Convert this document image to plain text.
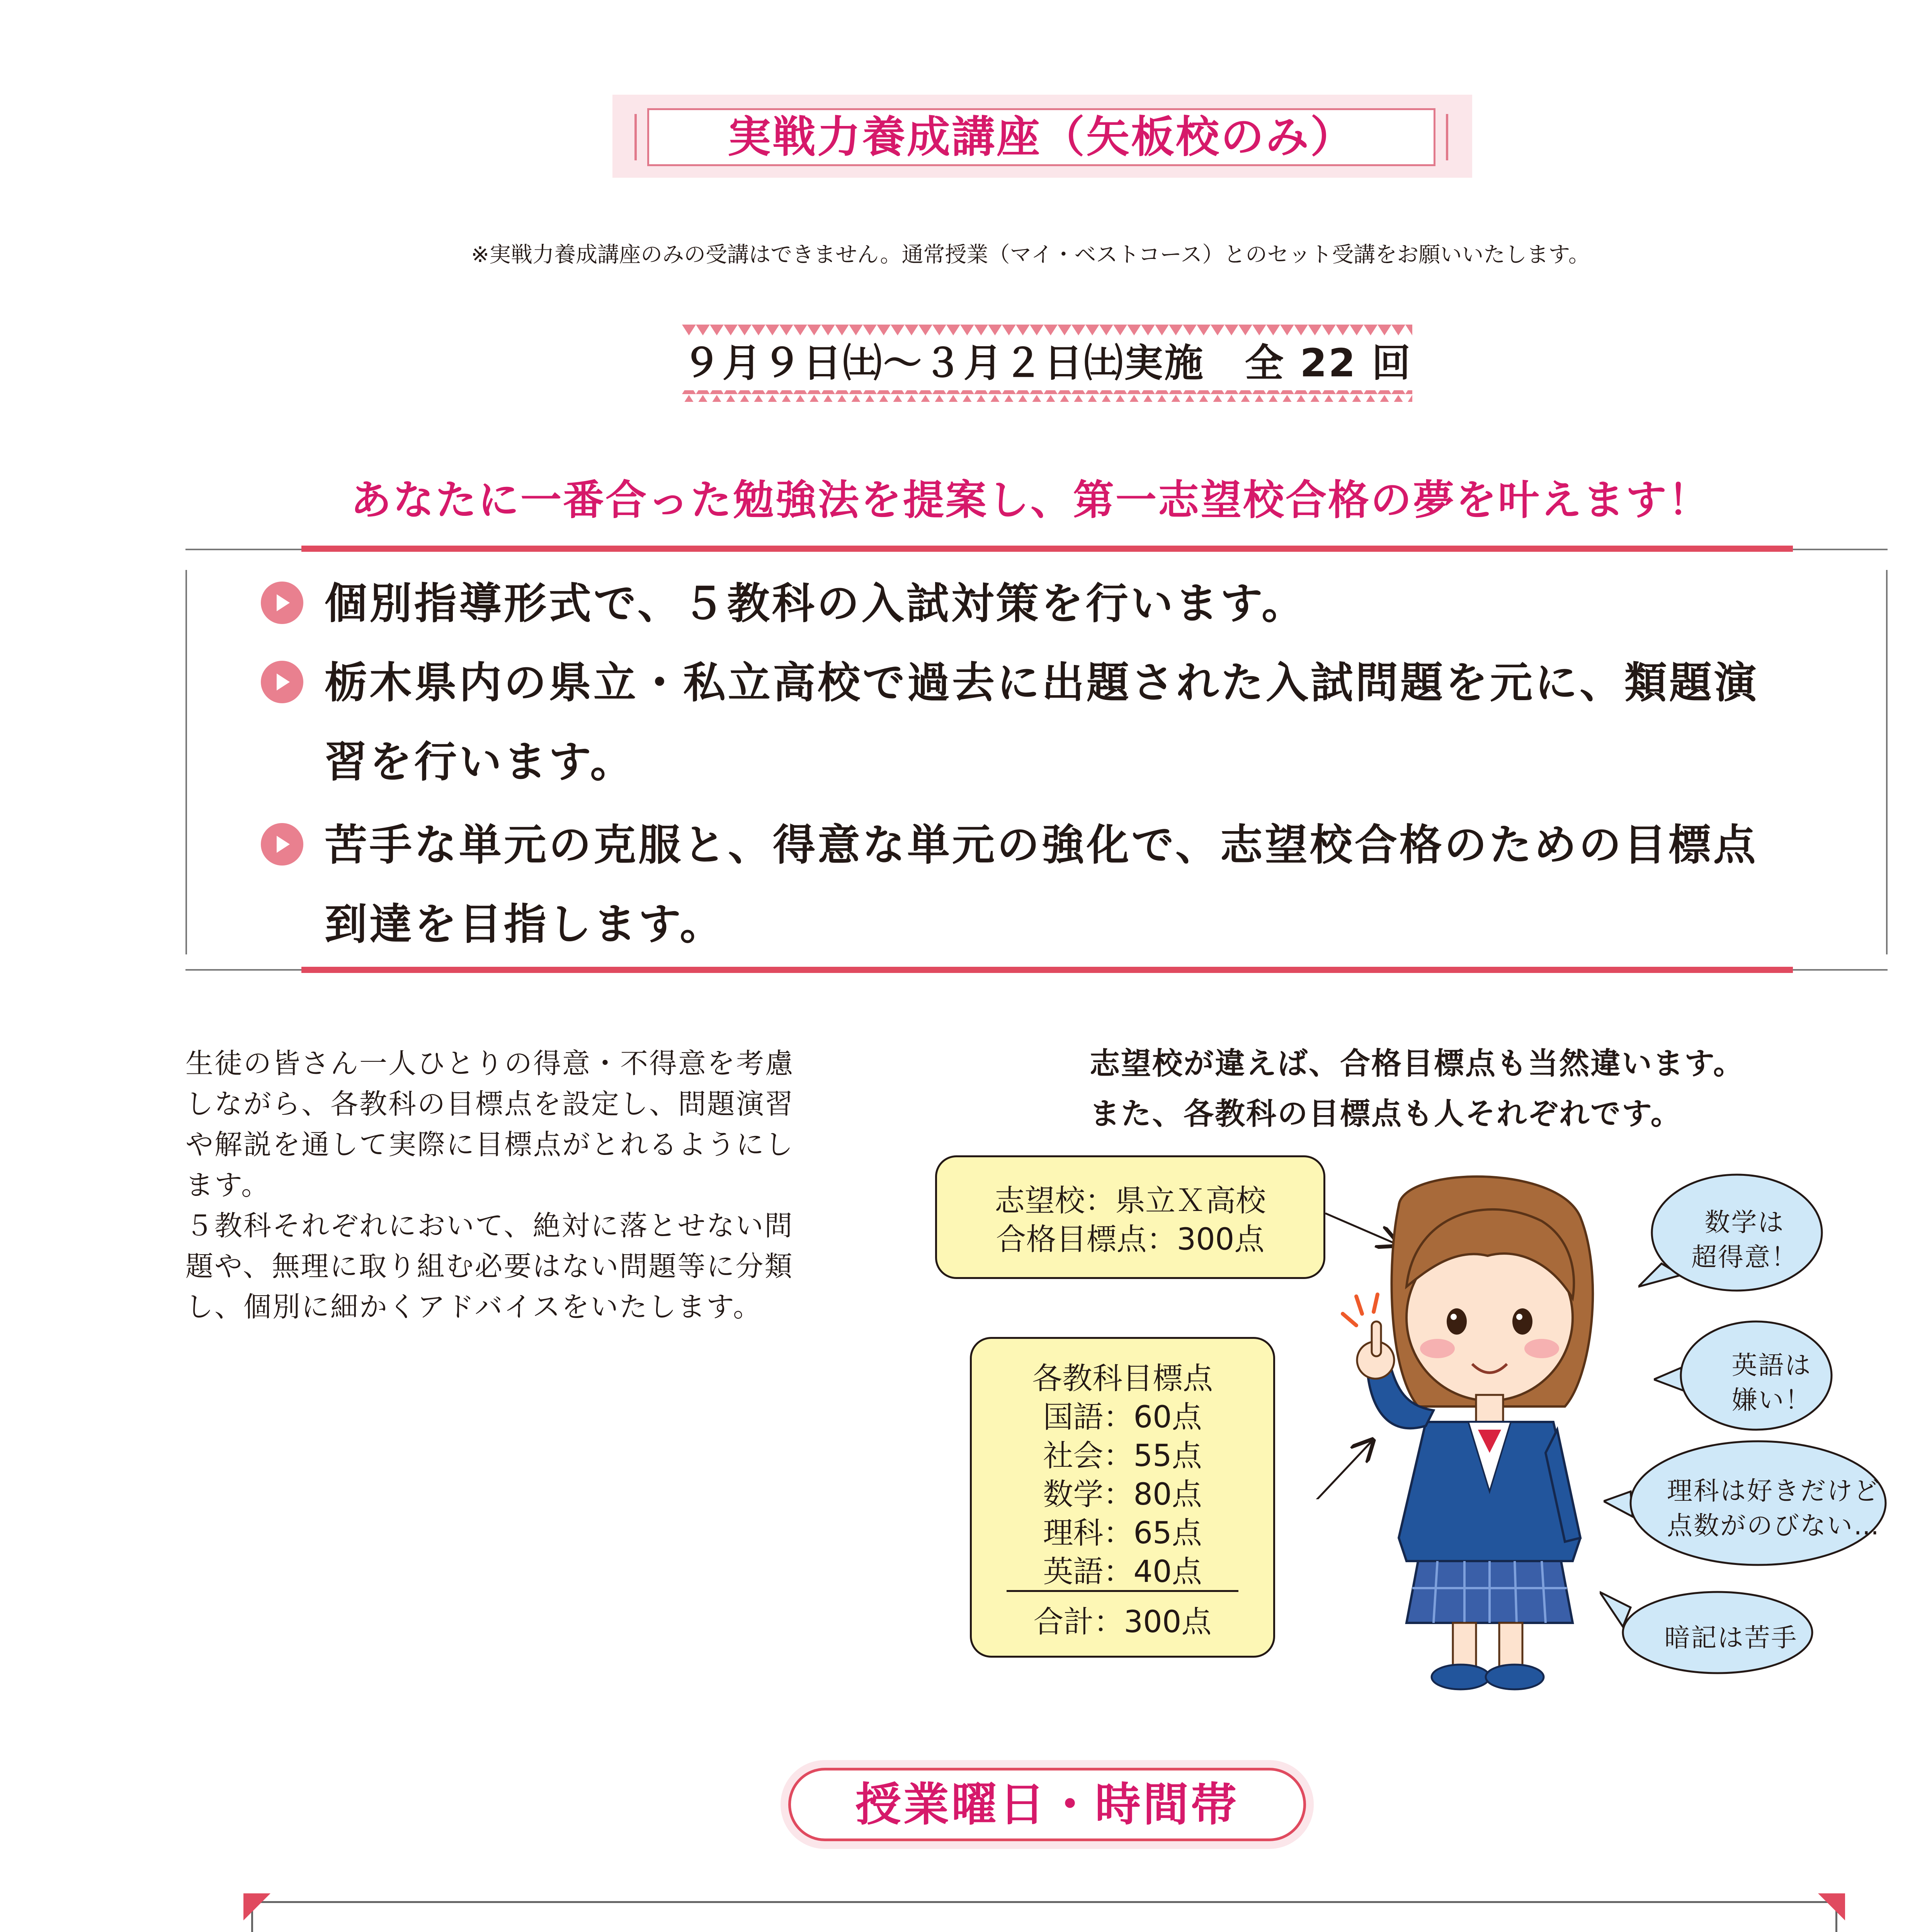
実戦力養成講座（矢板校のみ）
※実戦力養成講座のみの受講はできません。通常授業（マイ・ベストコース）とのセット受講をお願いいたします。
９月９日㈯～３月２日㈯実施　全 22 回
あなたに一番合った勉強法を提案し、第一志望校合格の夢を叶えます！
個別指導形式で、５教科の入試対策を行います。
栃木県内の県立・私立高校で過去に出題された入試問題を元に、類題演
習を行います。
苦手な単元の克服と、得意な単元の強化で、志望校合格のための目標点
到達を目指します。
生徒の皆さん一人ひとりの得意・不得意を考慮
しながら、各教科の目標点を設定し、問題演習
や解説を通して実際に目標点がとれるようにし
ます。
５教科それぞれにおいて、絶対に落とせない問
題や、無理に取り組む必要はない問題等に分類
し、個別に細かくアドバイスをいたします。
志望校が違えば、合格目標点も当然違います。
また、各教科の目標点も人それぞれです。
志望校：県立Ｘ高校
合格目標点：300点
各教科目標点
国語：60点
社会：55点
数学：80点
理科：65点
英語：40点
合計：300点
数学は
超得意！
英語は
嫌い！
理科は好きだけど
点数がのびない…
暗記は苦手
授業曜日・時間帯
